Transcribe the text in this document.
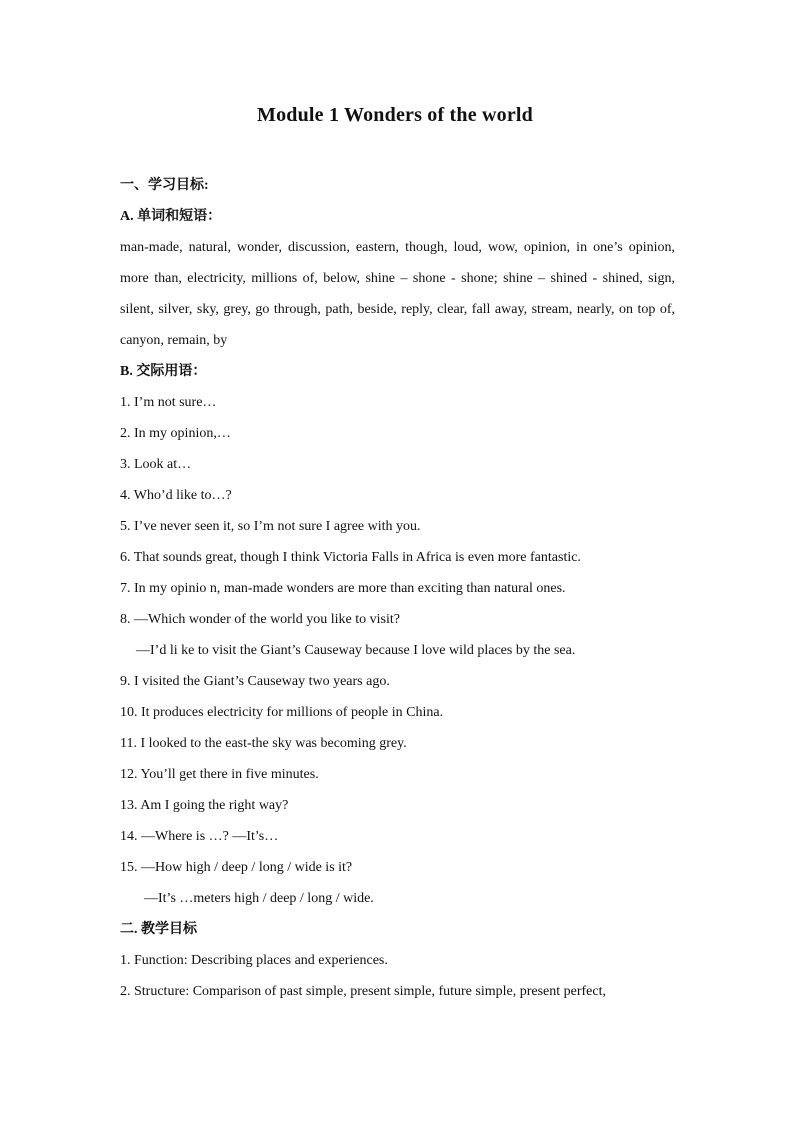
Module 1 Wonders of the world
一、学习目标:
A. 单词和短语：
man-made, natural, wonder, discussion, eastern, though, loud, wow, opinion, in one’s opinion, more than, electricity, millions of, below, shine – shone - shone; shine – shined - shined, sign, silent, silver, sky, grey, go through, path, beside, reply, clear, fall away, stream, nearly, on top of, canyon, remain, by
B. 交际用语：
1. I’m not sure…
2. In my opinion,…
3. Look at…
4. Who’d like to…?
5. I’ve never seen it, so I’m not sure I agree with you.
6. That sounds great, though I think Victoria Falls in Africa is even more fantastic.
7. In my opinio n, man-made wonders are more than exciting than natural ones.
8. —Which wonder of the world you like to visit?
—I’d li ke to visit the Giant’s Causeway because I love wild places by the sea.
9. I visited the Giant’s Causeway two years ago.
10. It produces electricity for millions of people in China.
11. I looked to the east-the sky was becoming grey.
12. You’ll get there in five minutes.
13. Am I going the right way?
14. —Where is …? —It’s…
15. —How high / deep / long / wide is it?
—It’s …meters high / deep / long / wide.
二. 教学目标
1. Function: Describing places and experiences.
2. Structure: Comparison of past simple, present simple, future simple, present perfect,
